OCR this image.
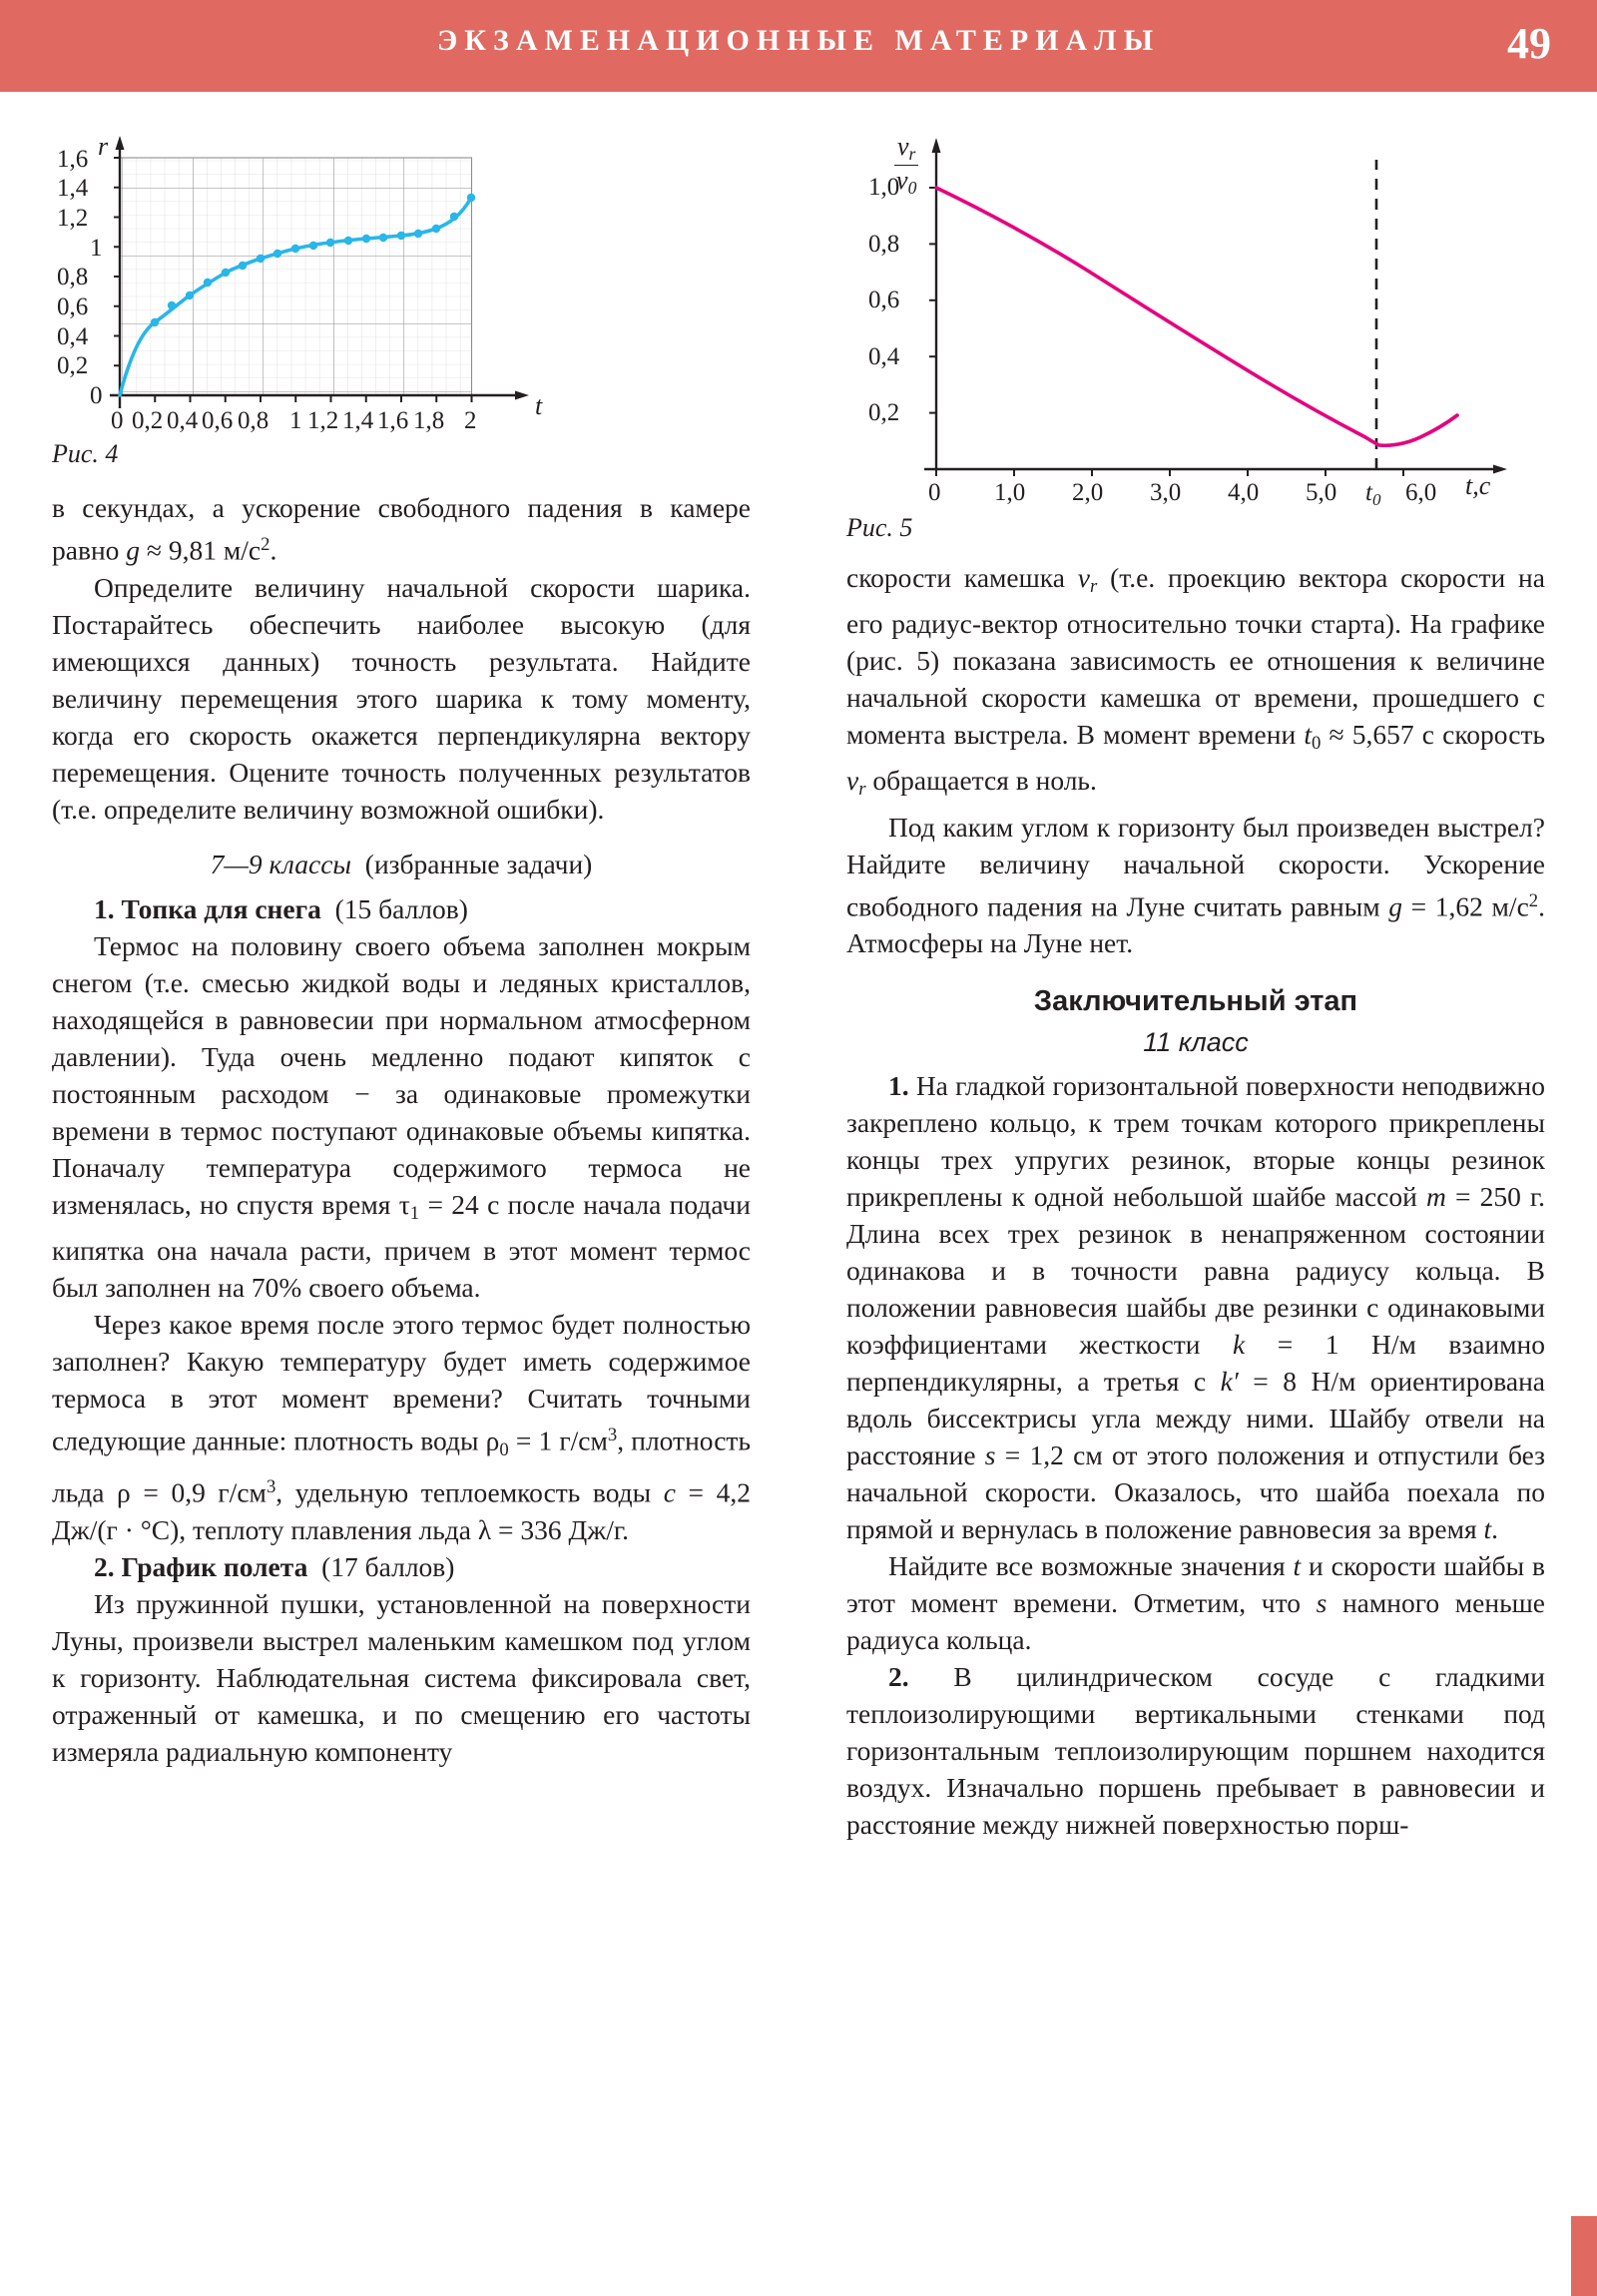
ЭКЗАМЕНАЦИОННЫЕ МАТЕРИАЛЫ	49
r
t
1,6
1,4
1,2
1
0,8
0,6
0,4
0,2
0
0 0,2 0,4 0,6 0,8 1 1,2 1,4 1,6 1,8 2
Рис. 4

в секундах, а ускорение свободного падения в камере равно g ≈ 9,81 $м/с^2$.

Определите величину начальной скорости шарика. Постарайтесь обеспечить наиболее высокую (для имеющихся данных) точность результата. Найдите величину перемещения этого шарика к тому моменту, когда его скорость окажется перпендикулярна вектору перемещения. Оцените точность полученных результатов (т.е. определите величину возможной ошибки).

7—9 классы (избранные задачи)

1. Топка для снега (15 баллов)

Термос на половину своего объема заполнен мокрым снегом (т.е. смесью жидкой воды и ледяных кристаллов, находящейся в равновесии при нормальном атмосферном давлении). Туда очень медленно подают кипяток с постоянным расходом − за одинаковые промежутки времени в термос поступают одинаковые объемы кипятка. Поначалу температура содержимого термоса не изменялась, но спустя время $\tau_1 = 24$ с после начала подачи кипятка она начала расти, причем в этот момент термос был заполнен на 70% своего объема.

Через какое время после этого термос будет полностью заполнен? Какую температуру будет иметь содержимое термоса в этот момент времени? Считать точными следующие данные: плотность воды $\rho_0 = 1$ $г/см^3$, плотность льда ρ = 0,9 $г/см^3$, удельную теплоемкость воды c = 4,2 Дж/(г · °С), теплоту плавления льда λ = 336 Дж/г.

2. График полета (17 баллов)

Из пружинной пушки, установленной на поверхности Луны, произвели выстрел маленьким камешком под углом к горизонту. Наблюдательная система фиксировала свет, отраженный от камешка, и по смещению его частоты измеряла радиальную компоненту

$v_r$
$v_0$
t,c
1,0
0,8
0,6
0,4
0,2
0 1,0 2,0 3,0 4,0 5,0	6,0
$t_0$
Рис. 5

скорости камешка $v_r$ (т.е. проекцию вектора скорости на его радиус-вектор относительно точки старта). На графике (рис. 5) показана зависимость ее отношения к величине начальной скорости камешка от времени, прошедшего с момента выстрела. В момент времени $t_0 \approx 5,657$ с скорость $v_r$ обращается в ноль.

Под каким углом к горизонту был произведен выстрел? Найдите величину начальной скорости. Ускорение свободного падения на Луне считать равным g = 1,62 $м/с^2$. Атмосферы на Луне нет.

Заключительный этап

11 класс

1. На гладкой горизонтальной поверхности неподвижно закреплено кольцо, к трем точкам которого прикреплены концы трех упругих резинок, вторые концы резинок прикреплены к одной небольшой шайбе массой m = 250 г. Длина всех трех резинок в ненапряженном состоянии одинакова и в точности равна радиусу кольца. В положении равновесия шайбы две резинки с одинаковыми коэффициентами жесткости k = 1 Н/м взаимно перпендикулярны, а третья с k′ = 8 Н/м ориентирована вдоль биссектрисы угла между ними. Шайбу отвели на расстояние s = 1,2 см от этого положения и отпустили без начальной скорости. Оказалось, что шайба поехала по прямой и вернулась в положение равновесия за время t.

Найдите все возможные значения t и скорости шайбы в этот момент времени. Отметим, что s намного меньше радиуса кольца.

2. В цилиндрическом сосуде с гладкими теплоизолирующими вертикальными стенками под горизонтальным теплоизолирующим поршнем находится воздух. Изначально поршень пребывает в равновесии и расстояние между нижней поверхностью порш-
